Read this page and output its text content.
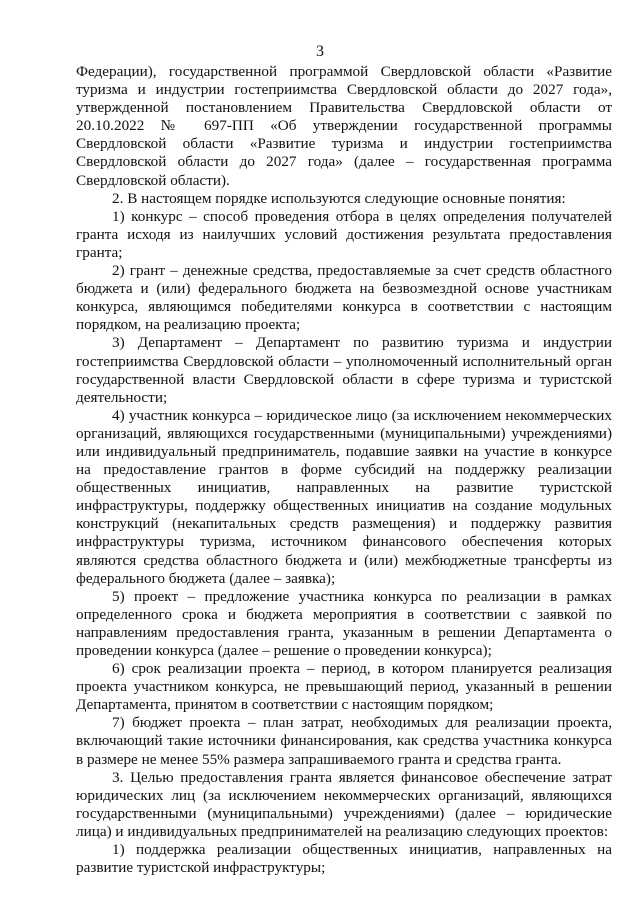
3

Федерации), государственной программой Свердловской области «Развитие туризма и индустрии гостеприимства Свердловской области до 2027 года», утвержденной постановлением Правительства Свердловской области от 20.10.2022 № 697-ПП «Об утверждении государственной программы Свердловской области «Развитие туризма и индустрии гостеприимства Свердловской области до 2027 года» (далее – государственная программа Свердловской области).

2. В настоящем порядке используются следующие основные понятия:

1) конкурс – способ проведения отбора в целях определения получателей гранта исходя из наилучших условий достижения результата предоставления гранта;

2) грант – денежные средства, предоставляемые за счет средств областного бюджета и (или) федерального бюджета на безвозмездной основе участникам конкурса, являющимся победителями конкурса в соответствии с настоящим порядком, на реализацию проекта;

3) Департамент – Департамент по развитию туризма и индустрии гостеприимства Свердловской области – уполномоченный исполнительный орган государственной власти Свердловской области в сфере туризма и туристской деятельности;

4) участник конкурса – юридическое лицо (за исключением некоммерческих организаций, являющихся государственными (муниципальными) учреждениями) или индивидуальный предприниматель, подавшие заявки на участие в конкурсе на предоставление грантов в форме субсидий на поддержку реализации общественных инициатив, направленных на развитие туристской инфраструктуры, поддержку общественных инициатив на создание модульных конструкций (некапитальных средств размещения) и поддержку развития инфраструктуры туризма, источником финансового обеспечения которых являются средства областного бюджета и (или) межбюджетные трансферты из федерального бюджета (далее – заявка);

5) проект – предложение участника конкурса по реализации в рамках определенного срока и бюджета мероприятия в соответствии с заявкой по направлениям предоставления гранта, указанным в решении Департамента о проведении конкурса (далее – решение о проведении конкурса);

6) срок реализации проекта – период, в котором планируется реализация проекта участником конкурса, не превышающий период, указанный в решении Департамента, принятом в соответствии с настоящим порядком;

7) бюджет проекта – план затрат, необходимых для реализации проекта, включающий такие источники финансирования, как средства участника конкурса в размере не менее 55% размера запрашиваемого гранта и средства гранта.

3. Целью предоставления гранта является финансовое обеспечение затрат юридических лиц (за исключением некоммерческих организаций, являющихся государственными (муниципальными) учреждениями) (далее – юридические лица) и индивидуальных предпринимателей на реализацию следующих проектов:

1) поддержка реализации общественных инициатив, направленных на развитие туристской инфраструктуры;
